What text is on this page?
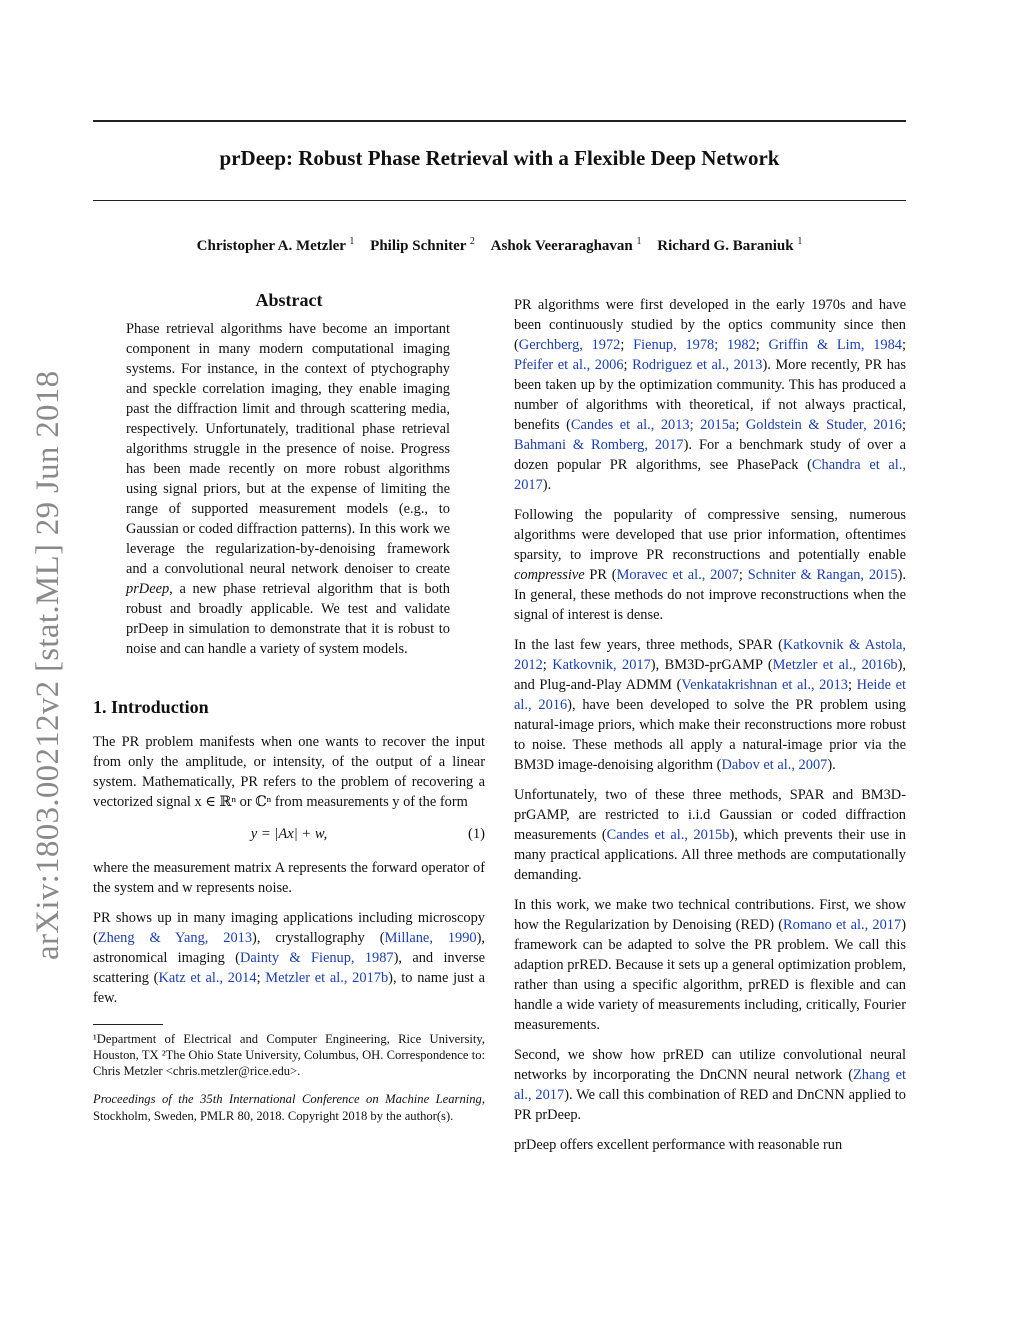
arXiv:1803.00212v2 [stat.ML] 29 Jun 2018
prDeep: Robust Phase Retrieval with a Flexible Deep Network
Christopher A. Metzler $^1$ Philip Schniter $^2$ Ashok Veeraraghavan $^1$ Richard G. Baraniuk $^1$
Abstract

Phase retrieval algorithms have become an important component in many modern computational imaging systems. For instance, in the context of ptychography and speckle correlation imaging, they enable imaging past the diffraction limit and through scattering media, respectively. Unfortunately, traditional phase retrieval algorithms struggle in the presence of noise. Progress has been made recently on more robust algorithms using signal priors, but at the expense of limiting the range of supported measurement models (e.g., to Gaussian or coded diffraction patterns). In this work we leverage the regularization-by-denoising framework and a convolutional neural network denoiser to create prDeep, a new phase retrieval algorithm that is both robust and broadly applicable. We test and validate prDeep in simulation to demonstrate that it is robust to noise and can handle a variety of system models.

1. Introduction

The PR problem manifests when one wants to recover the input from only the amplitude, or intensity, of the output of a linear system. Mathematically, PR refers to the problem of recovering a vectorized signal x ∈ ℝⁿ or ℂⁿ from measurements y of the form

y = |Ax| + w,	(1)

where the measurement matrix A represents the forward operator of the system and w represents noise.

PR shows up in many imaging applications including microscopy (Zheng & Yang, 2013), crystallography (Millane, 1990), astronomical imaging (Dainty & Fienup, 1987), and inverse scattering (Katz et al., 2014; Metzler et al., 2017b), to name just a few.

¹Department of Electrical and Computer Engineering, Rice University, Houston, TX ²The Ohio State University, Columbus, OH. Correspondence to: Chris Metzler <chris.metzler@rice.edu>.

Proceedings of the 35th International Conference on Machine Learning, Stockholm, Sweden, PMLR 80, 2018. Copyright 2018 by the author(s).

PR algorithms were first developed in the early 1970s and have been continuously studied by the optics community since then (Gerchberg, 1972; Fienup, 1978; 1982; Griffin & Lim, 1984; Pfeifer et al., 2006; Rodriguez et al., 2013). More recently, PR has been taken up by the optimization community. This has produced a number of algorithms with theoretical, if not always practical, benefits (Candes et al., 2013; 2015a; Goldstein & Studer, 2016; Bahmani & Romberg, 2017). For a benchmark study of over a dozen popular PR algorithms, see PhasePack (Chandra et al., 2017).

Following the popularity of compressive sensing, numerous algorithms were developed that use prior information, oftentimes sparsity, to improve PR reconstructions and potentially enable compressive PR (Moravec et al., 2007; Schniter & Rangan, 2015). In general, these methods do not improve reconstructions when the signal of interest is dense.

In the last few years, three methods, SPAR (Katkovnik & Astola, 2012; Katkovnik, 2017), BM3D-prGAMP (Metzler et al., 2016b), and Plug-and-Play ADMM (Venkatakrishnan et al., 2013; Heide et al., 2016), have been developed to solve the PR problem using natural-image priors, which make their reconstructions more robust to noise. These methods all apply a natural-image prior via the BM3D image-denoising algorithm (Dabov et al., 2007).

Unfortunately, two of these three methods, SPAR and BM3D-prGAMP, are restricted to i.i.d Gaussian or coded diffraction measurements (Candes et al., 2015b), which prevents their use in many practical applications. All three methods are computationally demanding.

In this work, we make two technical contributions. First, we show how the Regularization by Denoising (RED) (Romano et al., 2017) framework can be adapted to solve the PR problem. We call this adaption prRED. Because it sets up a general optimization problem, rather than using a specific algorithm, prRED is flexible and can handle a wide variety of measurements including, critically, Fourier measurements.

Second, we show how prRED can utilize convolutional neural networks by incorporating the DnCNN neural network (Zhang et al., 2017). We call this combination of RED and DnCNN applied to PR prDeep.

prDeep offers excellent performance with reasonable run
